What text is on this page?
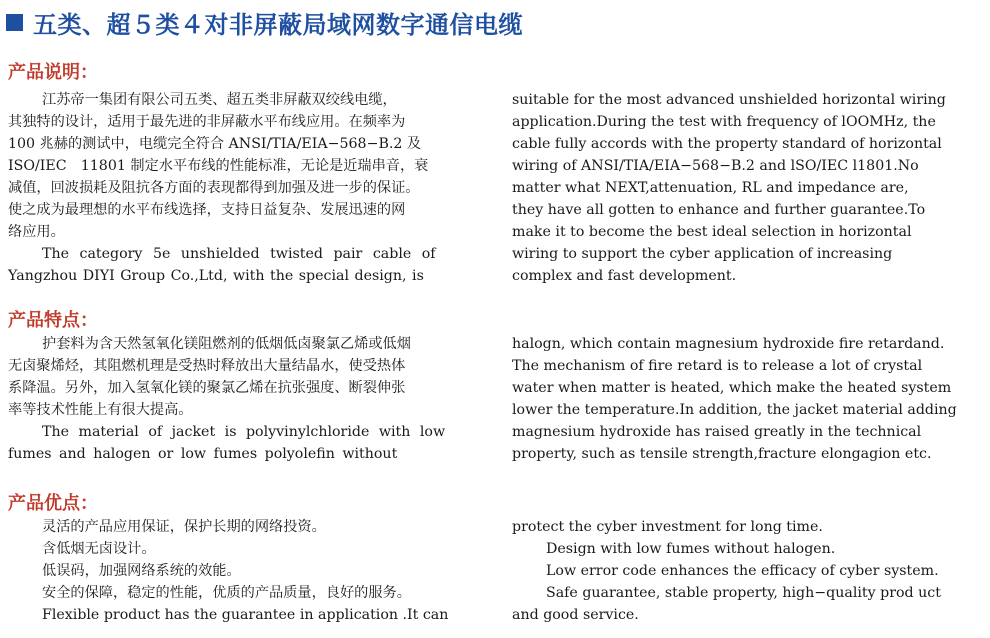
五类、超５类４对非屏蔽局域网数字通信电缆
产品说明：
江苏帝一集团有限公司五类、超五类非屏蔽双绞线电缆，
其独特的设计，适用于最先进的非屏蔽水平布线应用。在频率为
100 兆赫的测试中，电缆完全符合 ANSI/TIA/EIA−568−B.2 及
ISO/IEC　11801 制定水平布线的性能标准，无论是近瑞串音，衰
减值，回波损耗及阻抗各方面的表现都得到加强及进一步的保证。
使之成为最理想的水平布线选择，支持日益复杂、发展迅速的网
络应用。
The category 5e unshielded twisted pair cable of
Yangzhou DIYI Group Co.,Ltd, with the special design, is
suitable for the most advanced unshielded horizontal wiring
application.During the test with frequency of lOOMHz, the
cable fully accords with the property standard of horizontal
wiring of ANSI/TIA/EIA−568−B.2 and lSO/IEC l1801.No
matter what NEXT,attenuation, RL and impedance are,
they have all gotten to enhance and further guarantee.To
make it to become the best ideal selection in horizontal
wiring to support the cyber application of increasing
complex and fast development.
产品特点：
护套料为含天然氢氧化镁阻燃剂的低烟低卤聚氯乙烯或低烟
无卤聚烯烃，其阻燃机理是受热时释放出大量结晶水，使受热体
系降温。另外，加入氢氧化镁的聚氯乙烯在抗张强度、断裂伸张
率等技术性能上有很大提高。
The material of jacket is polyvinylchloride with low
fumes and halogen or low fumes polyolefin without
halogn, which contain magnesium hydroxide fire retardand.
The mechanism of fire retard is to release a lot of crystal
water when matter is heated, which make the heated system
lower the temperature.In addition, the jacket material adding
magnesium hydroxide has raised greatly in the technical
property, such as tensile strength,fracture elongagion etc.
产品优点：
灵活的产品应用保证，保护长期的网络投资。
含低烟无卤设计。
低误码，加强网络系统的效能。
安全的保障，稳定的性能，优质的产品质量，良好的服务。
Flexible product has the guarantee in application .It can
protect the cyber investment for long time.
Design with low fumes without halogen.
Low error code enhances the efficacy of cyber system.
Safe guarantee, stable property, high−quality prod uct
and good service.
